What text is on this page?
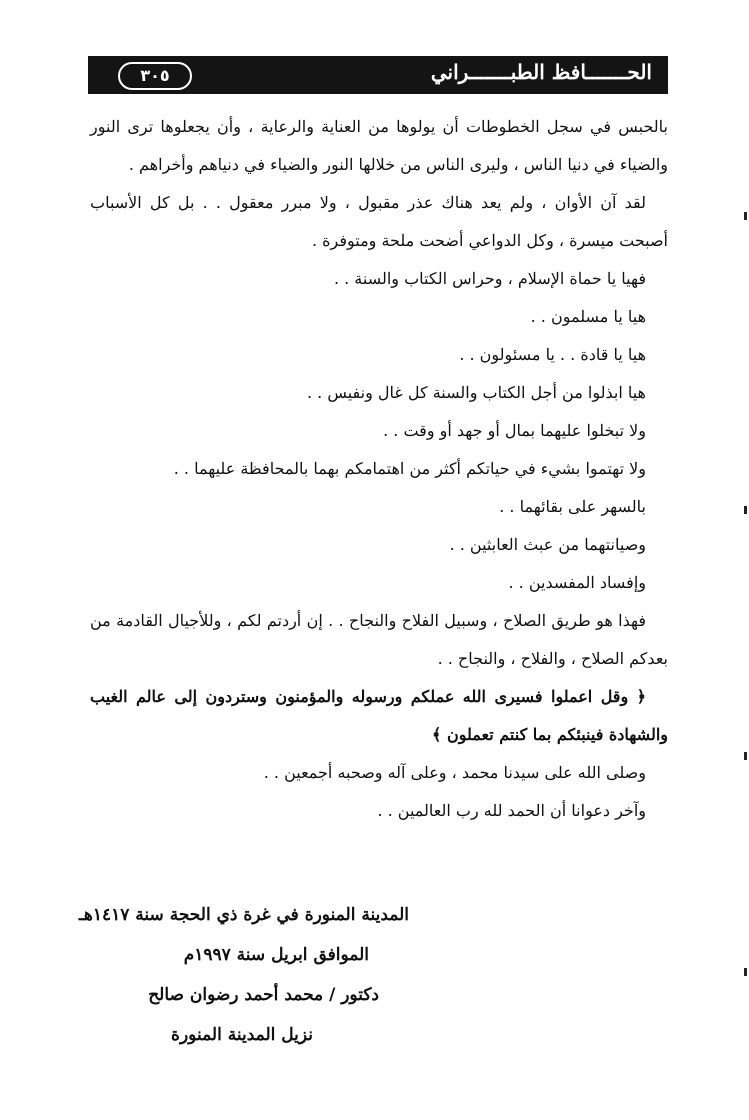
الحـــــــافظ الطبـــــــراني
٣٠٥

بالحبس في سجل الخطوطات أن يولوها من العناية والرعاية ، وأن يجعلوها ترى النور والضياء في دنيا الناس ، وليرى الناس من خلالها النور والضياء في دنياهم وأخراهم .

لقد آن الأوان ، ولم يعد هناك عذر مقبول ، ولا مبرر معقول . . بل كل الأسباب أصبحت ميسرة ، وكل الدواعي أضحت ملحة ومتوفرة .

فهيا يا حماة الإسلام ، وحراس الكتاب والسنة . .
هيا يا مسلمون . .
هيا يا قادة . . يا مسئولون . .
هيا ابذلوا من أجل الكتاب والسنة كل غال ونفيس . .
ولا تبخلوا عليهما بمال أو جهد أو وقت . .
ولا تهتموا بشيء في حياتكم أكثر من اهتمامكم بهما بالمحافظة عليهما . .
بالسهر على بقائهما . .
وصيانتهما من عبث العابثين . .
وإفساد المفسدين . .

فهذا هو طريق الصلاح ، وسبيل الفلاح والنجاح . . إن أردتم لكم ، وللأجيال القادمة من بعدكم الصلاح ، والفلاح ، والنجاح . .

﴿ وقل اعملوا فسيرى الله عملكم ورسوله والمؤمنون وستردون إلى عالم الغيب والشهادة فينبئكم بما كنتم تعملون ﴾

وصلى الله على سيدنا محمد ، وعلى آله وصحبه أجمعين . .
وآخر دعوانا أن الحمد لله رب العالمين . .
المدينة المنورة في غرة ذي الحجة سنة ١٤١٧هـ
الموافق ابريل سنة ١٩٩٧م
دكتور / محمد أحمد رضوان صالح
نزيل المدينة المنورة
